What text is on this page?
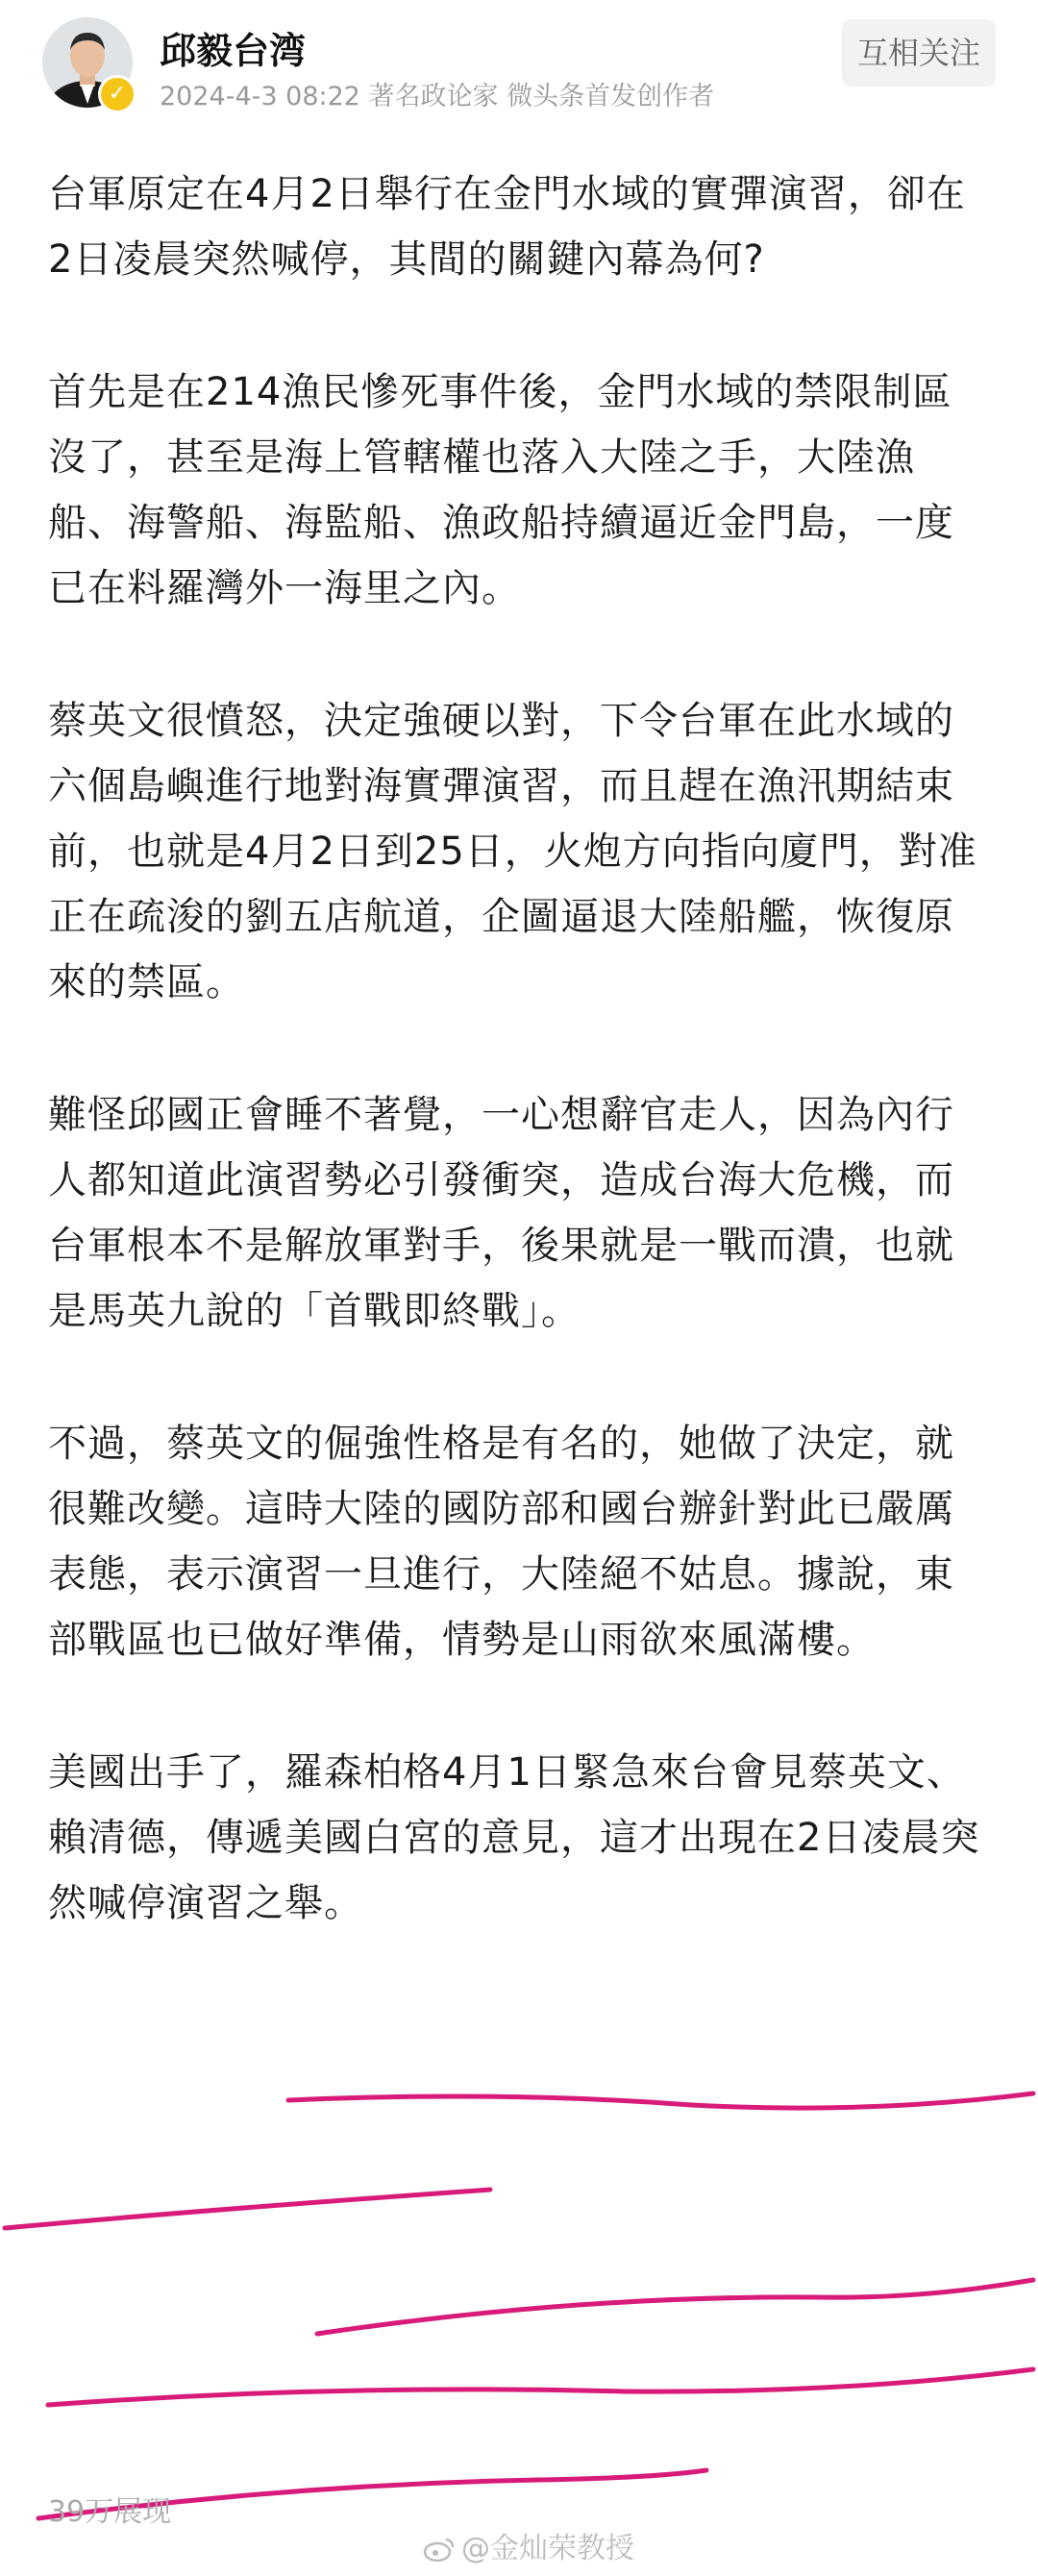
✓
邱毅台湾
2024-4-3 08:22 著名政论家 微头条首发创作者
互相关注

台軍原定在4月2日舉行在金門水域的實彈演習，卻在2日凌晨突然喊停，其間的關鍵內幕為何?

首先是在214漁民慘死事件後，金門水域的禁限制區沒了，甚至是海上管轄權也落入大陸之手，大陸漁船、海警船、海監船、漁政船持續逼近金門島，一度已在料羅灣外一海里之內。

蔡英文很憤怒，決定強硬以對，下令台軍在此水域的六個島嶼進行地對海實彈演習，而且趕在漁汛期結束前，也就是4月2日到25日，火炮方向指向廈門，對准正在疏浚的劉五店航道，企圖逼退大陸船艦，恢復原來的禁區。

難怪邱國正會睡不著覺，一心想辭官走人，因為內行人都知道此演習勢必引發衝突，造成台海大危機，而台軍根本不是解放軍對手，後果就是一戰而潰，也就是馬英九說的「首戰即終戰」。

不過，蔡英文的倔強性格是有名的，她做了決定，就很難改變。這時大陸的國防部和國台辦針對此已嚴厲表態，表示演習一旦進行，大陸絕不姑息。據說，東部戰區也已做好準備，情勢是山雨欲來風滿樓。

美國出手了，羅森柏格4月1日緊急來台會見蔡英文、賴清德，傳遞美國白宮的意見，這才出現在2日凌晨突然喊停演習之舉。

39万展现
@金灿荣教授
